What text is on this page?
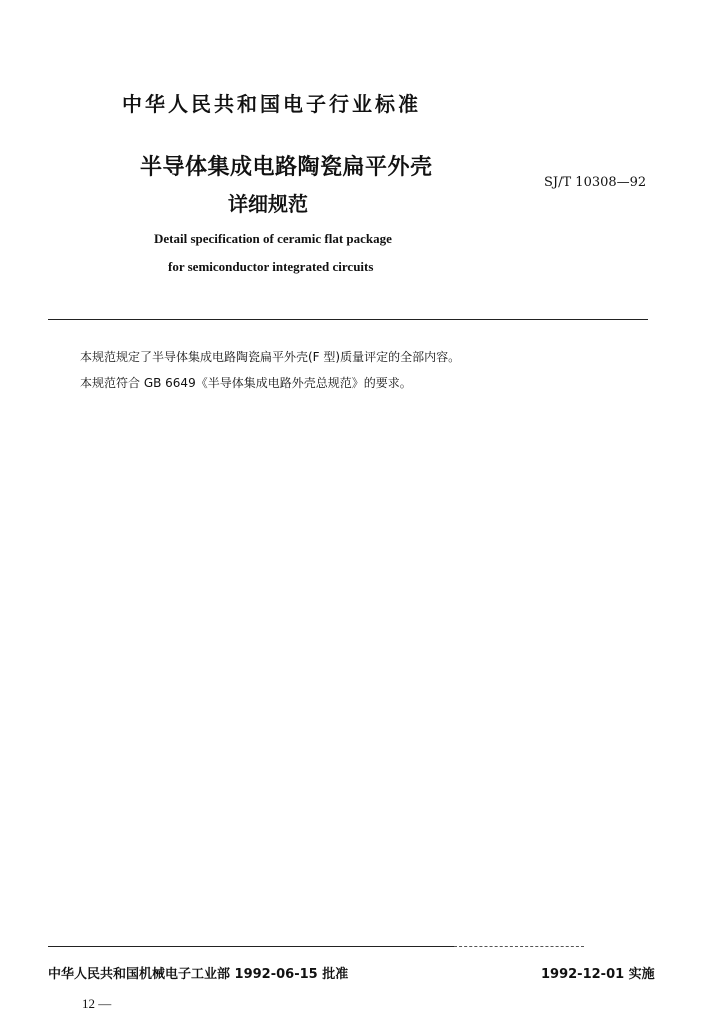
中华人民共和国电子行业标准
半导体集成电路陶瓷扁平外壳
详细规范
SJ/T 10308—92
Detail specification of ceramic flat package
for semiconductor integrated circuits
本规范规定了半导体集成电路陶瓷扁平外壳(F 型)质量评定的全部内容。
本规范符合 GB 6649《半导体集成电路外壳总规范》的要求。
中华人民共和国机械电子工业部 1992-06-15 批准	1992-12-01 实施
12 —
